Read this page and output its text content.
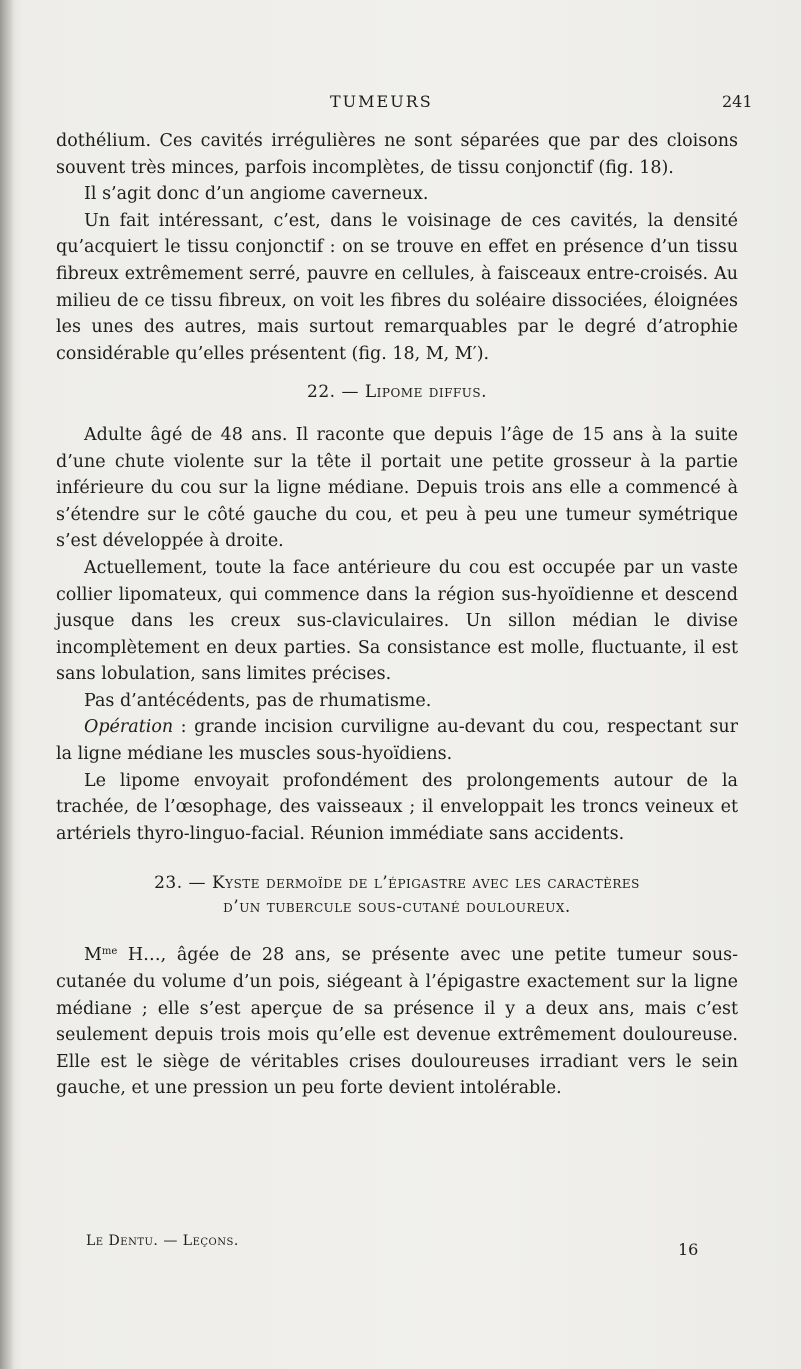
TUMEURS	241

dothélium. Ces cavités irrégulières ne sont séparées que par des cloisons souvent très minces, parfois incomplètes, de tissu conjonctif (fig. 18).

Il s’agit donc d’un angiome caverneux.

Un fait intéressant, c’est, dans le voisinage de ces cavités, la densité qu’acquiert le tissu conjonctif : on se trouve en effet en présence d’un tissu fibreux extrêmement serré, pauvre en cellules, à faisceaux entre-croisés. Au milieu de ce tissu fibreux, on voit les fibres du soléaire dissociées, éloignées les unes des autres, mais surtout remarquables par le degré d’atrophie considérable qu’elles présentent (fig. 18, M, M′).

22. — Lipome diffus.

Adulte âgé de 48 ans. Il raconte que depuis l’âge de 15 ans à la suite d’une chute violente sur la tête il portait une petite grosseur à la partie inférieure du cou sur la ligne médiane. Depuis trois ans elle a commencé à s’étendre sur le côté gauche du cou, et peu à peu une tumeur symétrique s’est développée à droite.

Actuellement, toute la face antérieure du cou est occupée par un vaste collier lipomateux, qui commence dans la région sus-hyoïdienne et descend jusque dans les creux sus-claviculaires. Un sillon médian le divise incomplètement en deux parties. Sa consistance est molle, fluctuante, il est sans lobulation, sans limites précises.

Pas d’antécédents, pas de rhumatisme.

Opération : grande incision curviligne au-devant du cou, respectant sur la ligne médiane les muscles sous-hyoïdiens.

Le lipome envoyait profondément des prolongements autour de la trachée, de l’œsophage, des vaisseaux ; il enveloppait les troncs veineux et artériels thyro-linguo-facial. Réunion immédiate sans accidents.

23. — Kyste dermoïde de l’épigastre avec les caractères
d’un tubercule sous-cutané douloureux.

$M^{me}$ H…, âgée de 28 ans, se présente avec une petite tumeur sous-cutanée du volume d’un pois, siégeant à l’épigastre exactement sur la ligne médiane ; elle s’est aperçue de sa présence il y a deux ans, mais c’est seulement depuis trois mois qu’elle est devenue extrêmement douloureuse. Elle est le siège de véritables crises douloureuses irradiant vers le sein gauche, et une pression un peu forte devient intolérable.

Le Dentu. — Leçons.	16
